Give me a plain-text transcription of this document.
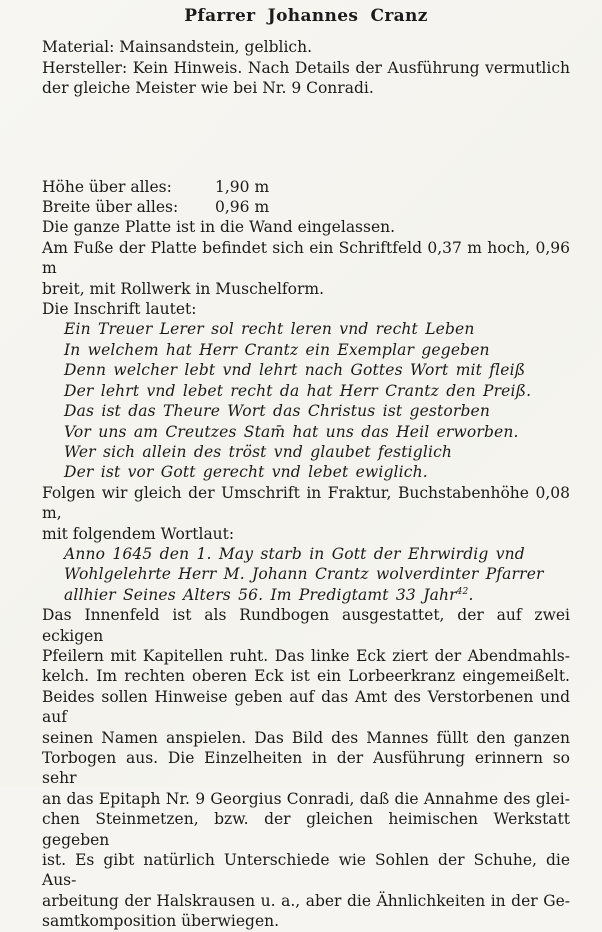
Pfarrer Johannes Cranz
Material: Mainsandstein, gelblich.
Hersteller: Kein Hinweis. Nach Details der Ausführung vermutlich
der gleiche Meister wie bei Nr. 9 Conradi.
Höhe über alles:	1,90 m
Breite über alles:	0,96 m
Die ganze Platte ist in die Wand eingelassen.
Am Fuße der Platte befindet sich ein Schriftfeld 0,37 m hoch, 0,96 m
breit, mit Rollwerk in Muschelform.
Die Inschrift lautet:
Ein Treuer Lerer sol recht leren vnd recht Leben
In welchem hat Herr Crantz ein Exemplar gegeben
Denn welcher lebt vnd lehrt nach Gottes Wort mit fleiß
Der lehrt vnd lebet recht da hat Herr Crantz den Preiß.
Das ist das Theure Wort das Christus ist gestorben
Vor uns am Creutzes Stam̄ hat uns das Heil erworben.
Wer sich allein des tröst vnd glaubet festiglich
Der ist vor Gott gerecht vnd lebet ewiglich.
Folgen wir gleich der Umschrift in Fraktur, Buchstabenhöhe 0,08 m,
mit folgendem Wortlaut:
Anno 1645 den 1. May starb in Gott der Ehrwirdig vnd
Wohlgelehrte Herr M. Johann Crantz wolverdinter Pfarrer
allhier Seines Alters 56. Im Predigtamt 33 Jahr$^{42}$.
Das Innenfeld ist als Rundbogen ausgestattet, der auf zwei eckigen
Pfeilern mit Kapitellen ruht. Das linke Eck ziert der Abendmahls-
kelch. Im rechten oberen Eck ist ein Lorbeerkranz eingemeißelt.
Beides sollen Hinweise geben auf das Amt des Verstorbenen und auf
seinen Namen anspielen. Das Bild des Mannes füllt den ganzen
Torbogen aus. Die Einzelheiten in der Ausführung erinnern so sehr
an das Epitaph Nr. 9 Georgius Conradi, daß die Annahme des glei-
chen Steinmetzen, bzw. der gleichen heimischen Werkstatt gegeben
ist. Es gibt natürlich Unterschiede wie Sohlen der Schuhe, die Aus-
arbeitung der Halskrausen u. a., aber die Ähnlichkeiten in der Ge-
samtkomposition überwiegen.
